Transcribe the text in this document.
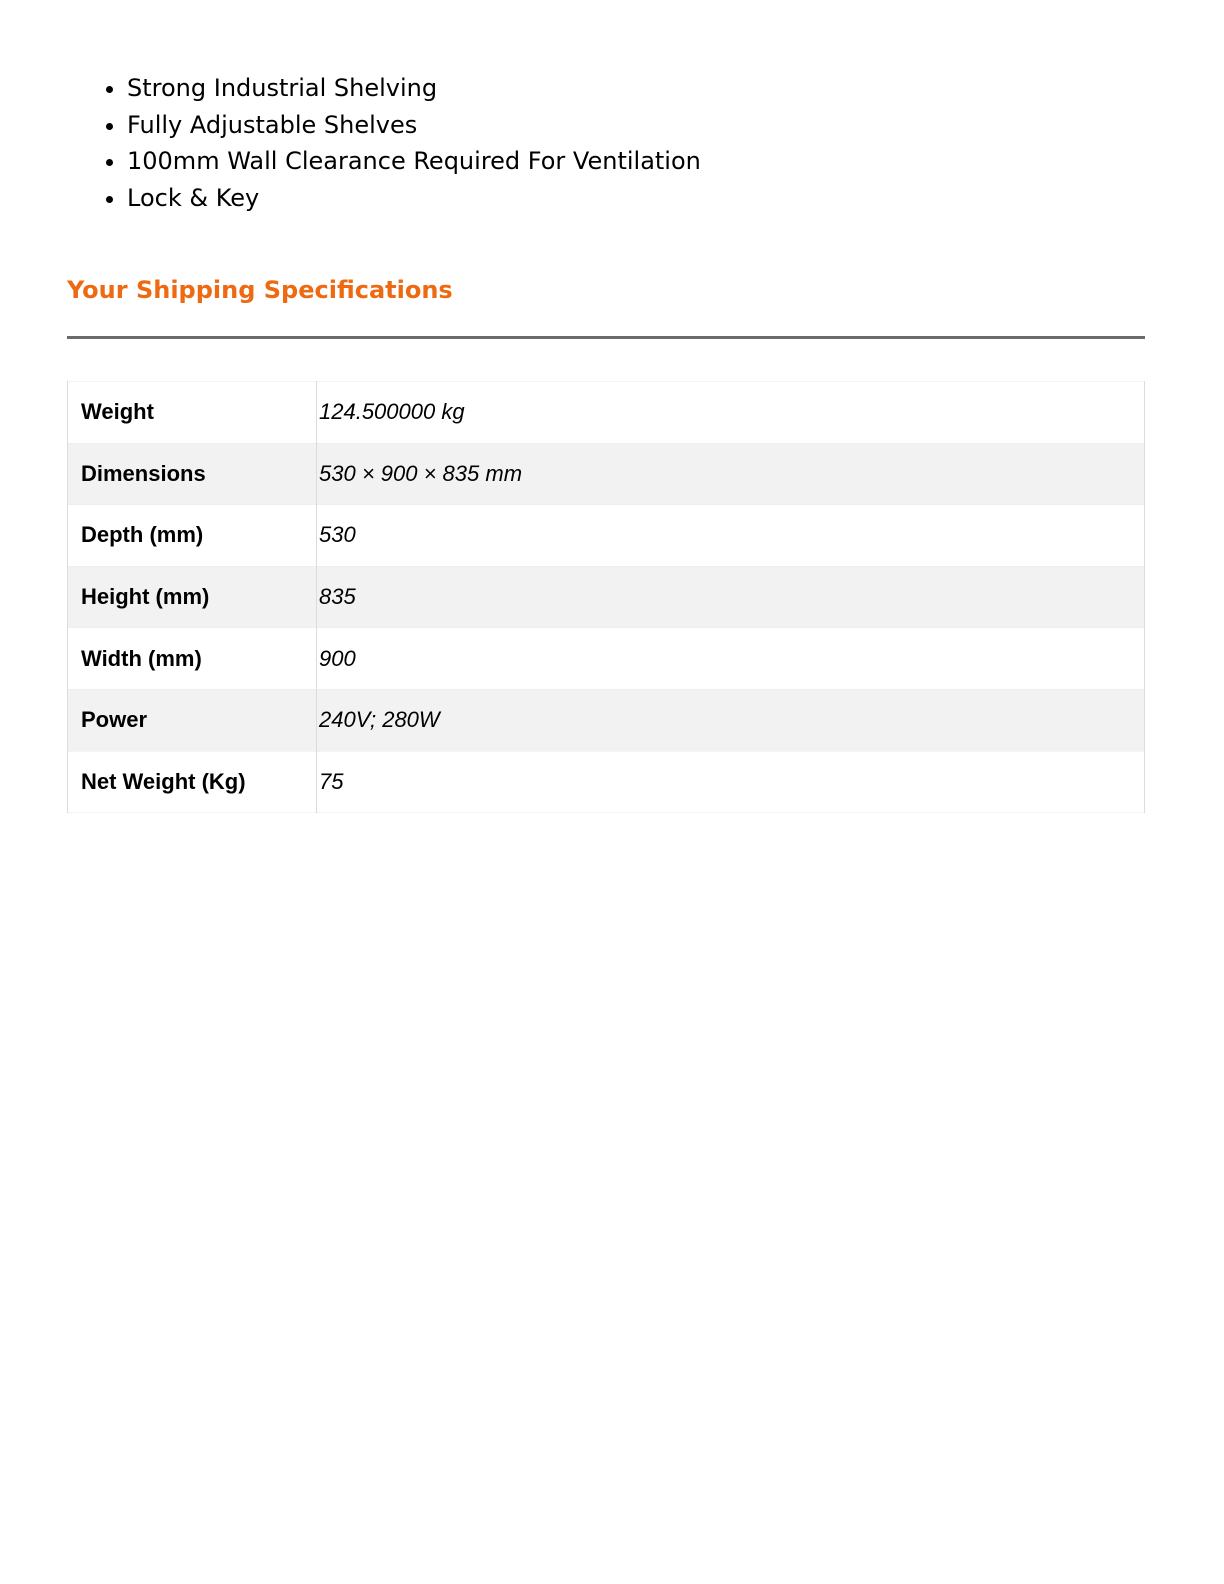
• Strong Industrial Shelving
• Fully Adjustable Shelves
• 100mm Wall Clearance Required For Ventilation
• Lock & Key
Your Shipping Specifications
Weight	124.500000 kg
Dimensions	530 × 900 × 835 mm
Depth (mm)	530
Height (mm)	835
Width (mm)	900
Power	240V; 280W
Net Weight (Kg)	75
